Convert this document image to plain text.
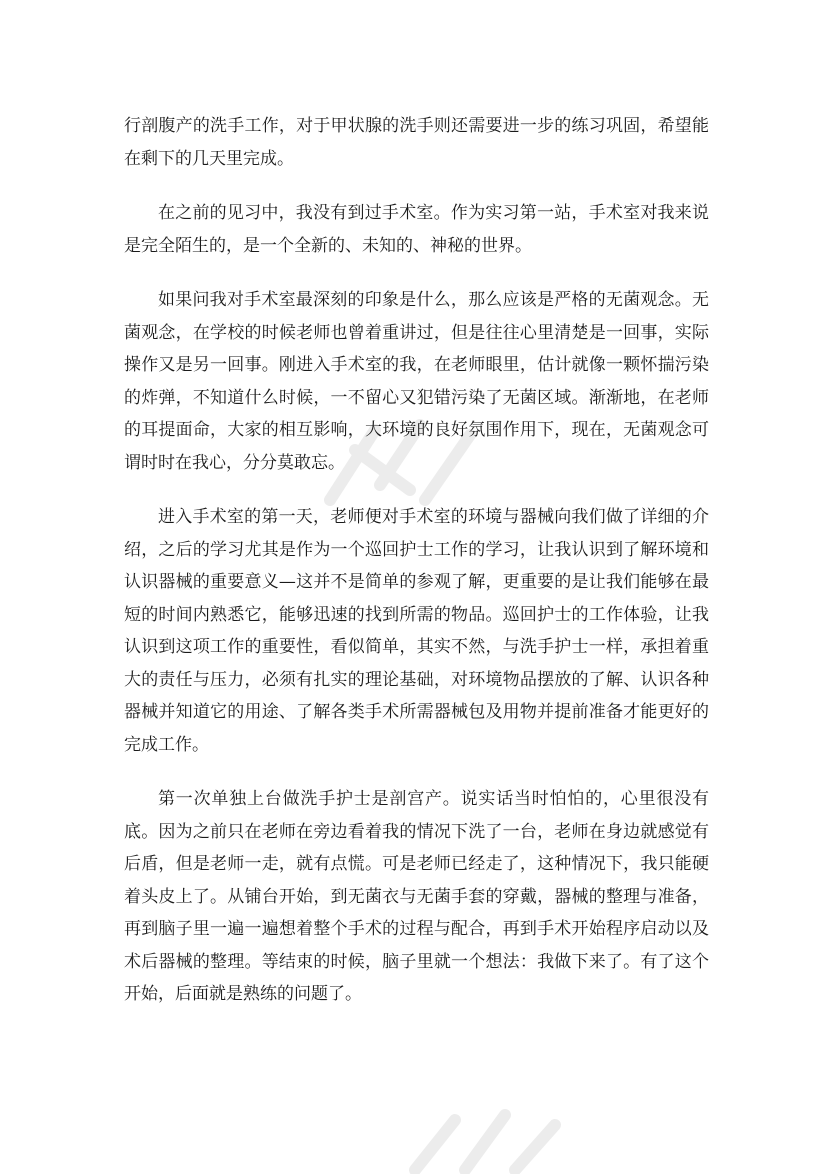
行剖腹产的洗手工作，对于甲状腺的洗手则还需要进一步的练习巩固，希望能在剩下的几天里完成。

在之前的见习中，我没有到过手术室。作为实习第一站，手术室对我来说是完全陌生的，是一个全新的、未知的、神秘的世界。

如果问我对手术室最深刻的印象是什么，那么应该是严格的无菌观念。无菌观念，在学校的时候老师也曾着重讲过，但是往往心里清楚是一回事，实际操作又是另一回事。刚进入手术室的我，在老师眼里，估计就像一颗怀揣污染的炸弹，不知道什么时候，一不留心又犯错污染了无菌区域。渐渐地，在老师的耳提面命，大家的相互影响，大环境的良好氛围作用下，现在，无菌观念可谓时时在我心，分分莫敢忘。

进入手术室的第一天，老师便对手术室的环境与器械向我们做了详细的介绍，之后的学习尤其是作为一个巡回护士工作的学习，让我认识到了解环境和认识器械的重要意义—这并不是简单的参观了解，更重要的是让我们能够在最短的时间内熟悉它，能够迅速的找到所需的物品。巡回护士的工作体验，让我认识到这项工作的重要性，看似简单，其实不然，与洗手护士一样，承担着重大的责任与压力，必须有扎实的理论基础，对环境物品摆放的了解、认识各种器械并知道它的用途、了解各类手术所需器械包及用物并提前准备才能更好的完成工作。

第一次单独上台做洗手护士是剖宫产。说实话当时怕怕的，心里很没有底。因为之前只在老师在旁边看着我的情况下洗了一台，老师在身边就感觉有后盾，但是老师一走，就有点慌。可是老师已经走了，这种情况下，我只能硬着头皮上了。从铺台开始，到无菌衣与无菌手套的穿戴，器械的整理与准备，再到脑子里一遍一遍想着整个手术的过程与配合，再到手术开始程序启动以及术后器械的整理。等结束的时候，脑子里就一个想法：我做下来了。有了这个开始，后面就是熟练的问题了。
